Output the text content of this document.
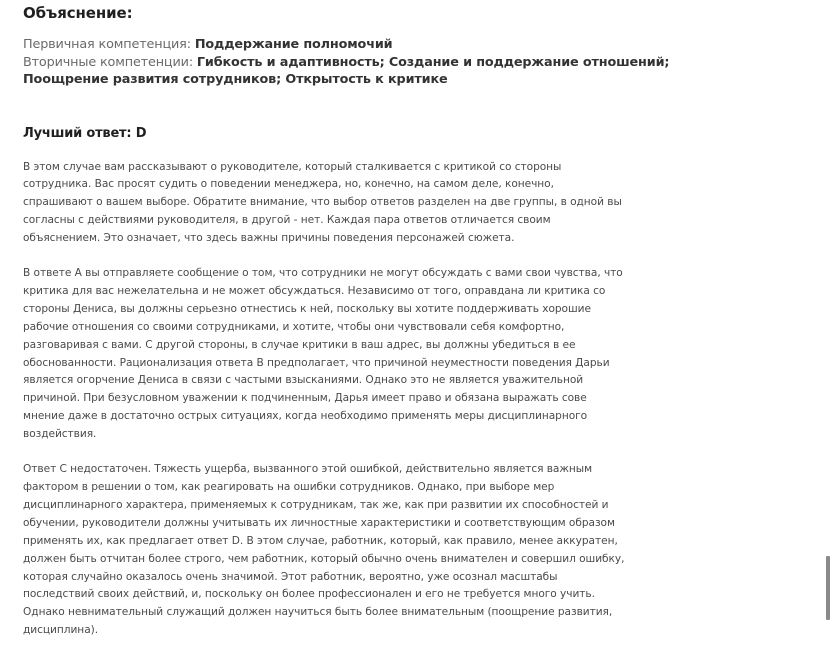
Объяснение:
Первичная компетенция: Поддержание полномочий
Вторичные компетенции: Гибкость и адаптивность; Создание и поддержание отношений;
Поощрение развития сотрудников; Открытость к критике
Лучший ответ: D
В этом случае вам рассказывают о руководителе, который сталкивается с критикой со стороны
сотрудника. Вас просят судить о поведении менеджера, но, конечно, на самом деле, конечно,
спрашивают о вашем выборе. Обратите внимание, что выбор ответов разделен на две группы, в одной вы
согласны с действиями руководителя, в другой - нет. Каждая пара ответов отличается своим
объяснением. Это означает, что здесь важны причины поведения персонажей сюжета.
В ответе А вы отправляете сообщение о том, что сотрудники не могут обсуждать с вами свои чувства, что
критика для вас нежелательна и не может обсуждаться. Независимо от того, оправдана ли критика со
стороны Дениса, вы должны серьезно отнестись к ней, поскольку вы хотите поддерживать хорошие
рабочие отношения со своими сотрудниками, и хотите, чтобы они чувствовали себя комфортно,
разговаривая с вами. С другой стороны, в случае критики в ваш адрес, вы должны убедиться в ее
обоснованности. Рационализация ответа В предполагает, что причиной неуместности поведения Дарьи
является огорчение Дениса в связи с частыми взысканиями. Однако это не является уважительной
причиной. При безусловном уважении к подчиненным, Дарья имеет право и обязана выражать сове
мнение даже в достаточно острых ситуациях, когда необходимо применять меры дисциплинарного
воздействия.
Ответ С недостаточен. Тяжесть ущерба, вызванного этой ошибкой, действительно является важным
фактором в решении о том, как реагировать на ошибки сотрудников. Однако, при выборе мер
дисциплинарного характера, применяемых к сотрудникам, так же, как при развитии их способностей и
обучении, руководители должны учитывать их личностные характеристики и соответствующим образом
применять их, как предлагает ответ D. В этом случае, работник, который, как правило, менее аккуратен,
должен быть отчитан более строго, чем работник, который обычно очень внимателен и совершил ошибку,
которая случайно оказалось очень значимой. Этот работник, вероятно, уже осознал масштабы
последствий своих действий, и, поскольку он более профессионален и его не требуется много учить.
Однако невнимательный служащий должен научиться быть более внимательным (поощрение развития,
дисциплина).
